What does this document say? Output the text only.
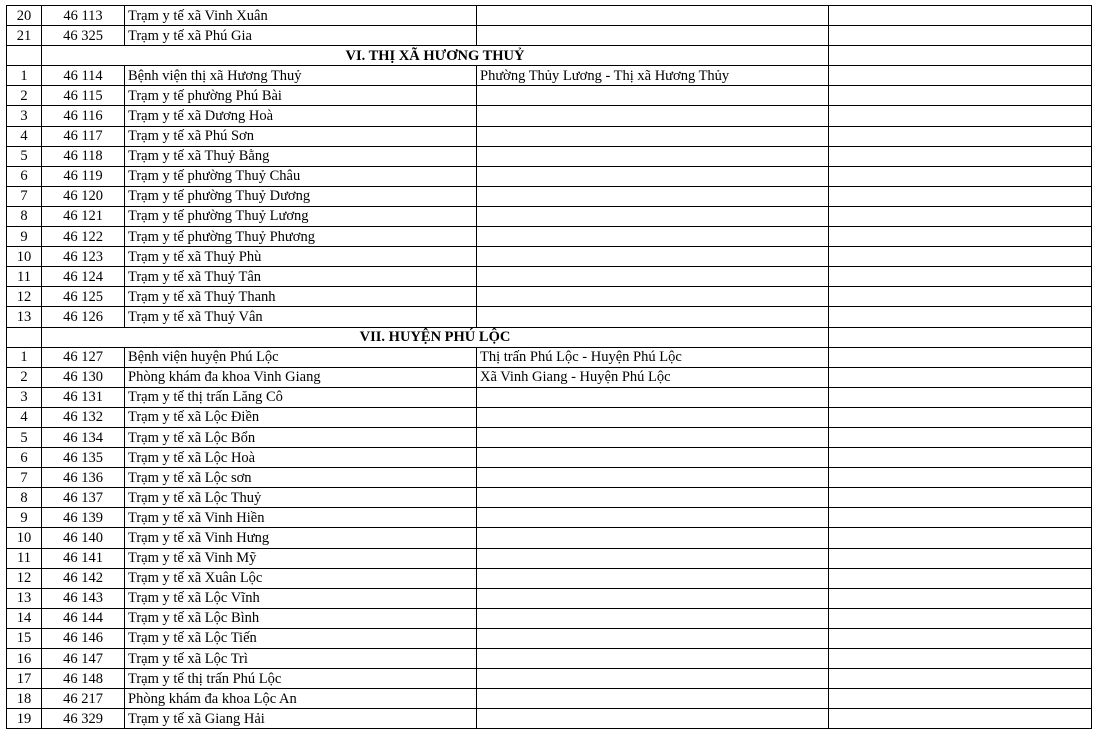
20	46 113	Trạm y tế xã Vinh Xuân		
21	46 325	Trạm y tế xã Phú Gia		
	VI. THỊ XÃ HƯƠNG THUỶ			
1	46 114	Bệnh viện thị xã Hương Thuỷ	Phường Thủy Lương - Thị xã Hương Thủy	
2	46 115	Trạm y tế phường Phú Bài		
3	46 116	Trạm y tế xã Dương Hoà		
4	46 117	Trạm y tế xã Phú Sơn		
5	46 118	Trạm y tế xã Thuỷ Bằng		
6	46 119	Trạm y tế phường Thuỷ Châu		
7	46 120	Trạm y tế phường Thuỷ Dương		
8	46 121	Trạm y tế phường Thuỷ Lương		
9	46 122	Trạm y tế phường Thuỷ Phương		
10	46 123	Trạm y tế xã Thuỷ Phù		
11	46 124	Trạm y tế xã Thuỷ Tân		
12	46 125	Trạm y tế xã Thuỷ Thanh		
13	46 126	Trạm y tế xã Thuỷ Vân		
	VII. HUYỆN PHÚ LỘC			
1	46 127	Bệnh viện huyện Phú Lộc	Thị trấn Phú Lộc - Huyện Phú Lộc	
2	46 130	Phòng khám đa khoa Vinh Giang	Xã Vinh Giang - Huyện Phú Lộc	
3	46 131	Trạm y tế thị trấn Lăng Cô		
4	46 132	Trạm y tế xã Lộc Điền		
5	46 134	Trạm y tế xã Lộc Bổn		
6	46 135	Trạm y tế xã Lộc Hoà		
7	46 136	Trạm y tế xã Lộc sơn		
8	46 137	Trạm y tế xã Lộc Thuỷ		
9	46 139	Trạm y tế xã Vinh Hiền		
10	46 140	Trạm y tế xã Vinh Hưng		
11	46 141	Trạm y tế xã Vinh Mỹ		
12	46 142	Trạm y tế xã Xuân Lộc		
13	46 143	Trạm y tế xã Lộc Vĩnh		
14	46 144	Trạm y tế xã Lộc Bình		
15	46 146	Trạm y tế xã Lộc Tiến		
16	46 147	Trạm y tế xã Lộc Trì		
17	46 148	Trạm y tế thị trấn Phú Lộc		
18	46 217	Phòng khám đa khoa Lộc An		
19	46 329	Trạm y tế xã Giang Hải		
